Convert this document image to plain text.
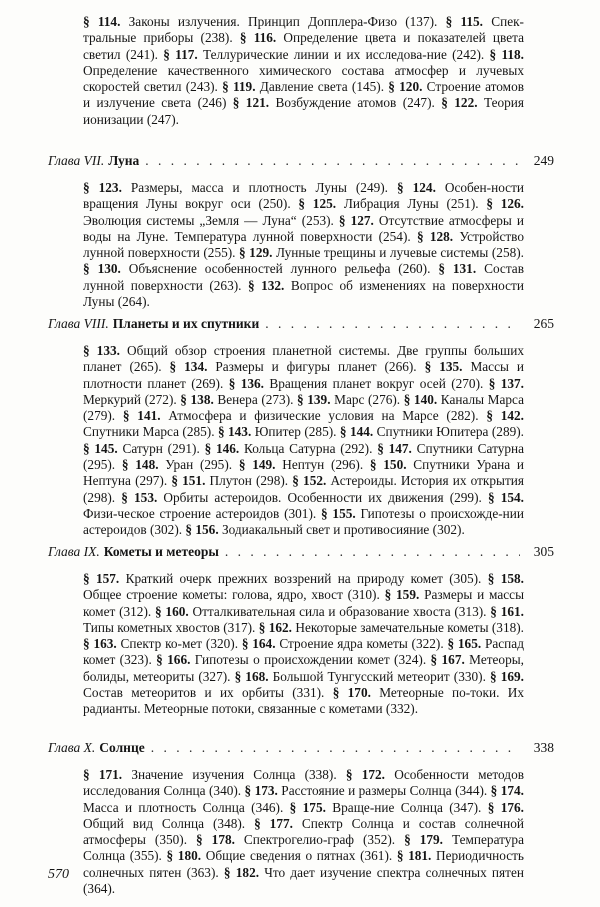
§ 114. Законы излучения. Принцип Допплера-Физо (137). § 115. Спек-тральные приборы (238). § 116. Определение цвета и показателей цвета светил (241). § 117. Теллурические линии и их исследова-ние (242). § 118. Определение качественного химического состава атмосфер и лучевых скоростей светил (243). § 119. Давление света (145). § 120. Строение атомов и излучение света (246) § 121. Возбуждение атомов (247). § 122. Теория ионизации (247).
Глава VII. Луна . . .	249
§ 123. Размеры, масса и плотность Луны (249). § 124. Особен-ности вращения Луны вокруг оси (250). § 125. Либрация Луны (251). § 126. Эволюция системы „Земля — Луна“ (253). § 127. Отсутствие атмосферы и воды на Луне. Температура лунной поверхности (254). § 128. Устройство лунной поверхности (255). § 129. Лунные трещины и лучевые системы (258). § 130. Объяснение особенностей лунного рельефа (260). § 131. Состав лунной поверхности (263). § 132. Вопрос об изменениях на поверхности Луны (264).
Глава VIII. Планеты и их спутники . . .	265
§ 133. Общий обзор строения планетной системы. Две группы больших планет (265). § 134. Размеры и фигуры планет (266). § 135. Массы и плотности планет (269). § 136. Вращения планет вокруг осей (270). § 137. Меркурий (272). § 138. Венера (273). § 139. Марс (276). § 140. Каналы Марса (279). § 141. Атмосфера и физические условия на Марсе (282). § 142. Спутники Марса (285). § 143. Юпитер (285). § 144. Спутники Юпитера (289). § 145. Сатурн (291). § 146. Кольца Сатурна (292). § 147. Спутники Сатурна (295). § 148. Уран (295). § 149. Нептун (296). § 150. Спутники Урана и Нептуна (297). § 151. Плутон (298). § 152. Астероиды. История их открытия (298). § 153. Орбиты астероидов. Особенности их движения (299). § 154. Физи-ческое строение астероидов (301). § 155. Гипотезы о происхожде-нии астероидов (302). § 156. Зодиакальный свет и противосияние (302).
Глава IX. Кометы и метеоры . . .	305
§ 157. Краткий очерк прежних воззрений на природу комет (305). § 158. Общее строение кометы: голова, ядро, хвост (310). § 159. Размеры и массы комет (312). § 160. Отталкивательная сила и образование хвоста (313). § 161. Типы кометных хвостов (317). § 162. Некоторые замечательные кометы (318). § 163. Спектр ко-мет (320). § 164. Строение ядра кометы (322). § 165. Распад комет (323). § 166. Гипотезы о происхождении комет (324). § 167. Метеоры, болиды, метеориты (327). § 168. Большой Тунгусский метеорит (330). § 169. Состав метеоритов и их орбиты (331). § 170. Метеорные по-токи. Их радианты. Метеорные потоки, связанные с кометами (332).
Глава X. Солнце . . .	338
§ 171. Значение изучения Солнца (338). § 172. Особенности методов исследования Солнца (340). § 173. Расстояние и размеры Солнца (344). § 174. Масса и плотность Солнца (346). § 175. Враще-ние Солнца (347). § 176. Общий вид Солнца (348). § 177. Спектр Солнца и состав солнечной атмосферы (350). § 178. Спектрогелио-граф (352). § 179. Температура Солнца (355). § 180. Общие сведения о пятнах (361). § 181. Периодичность солнечных пятен (363). § 182. Что дает изучение спектра солнечных пятен (364).
570
